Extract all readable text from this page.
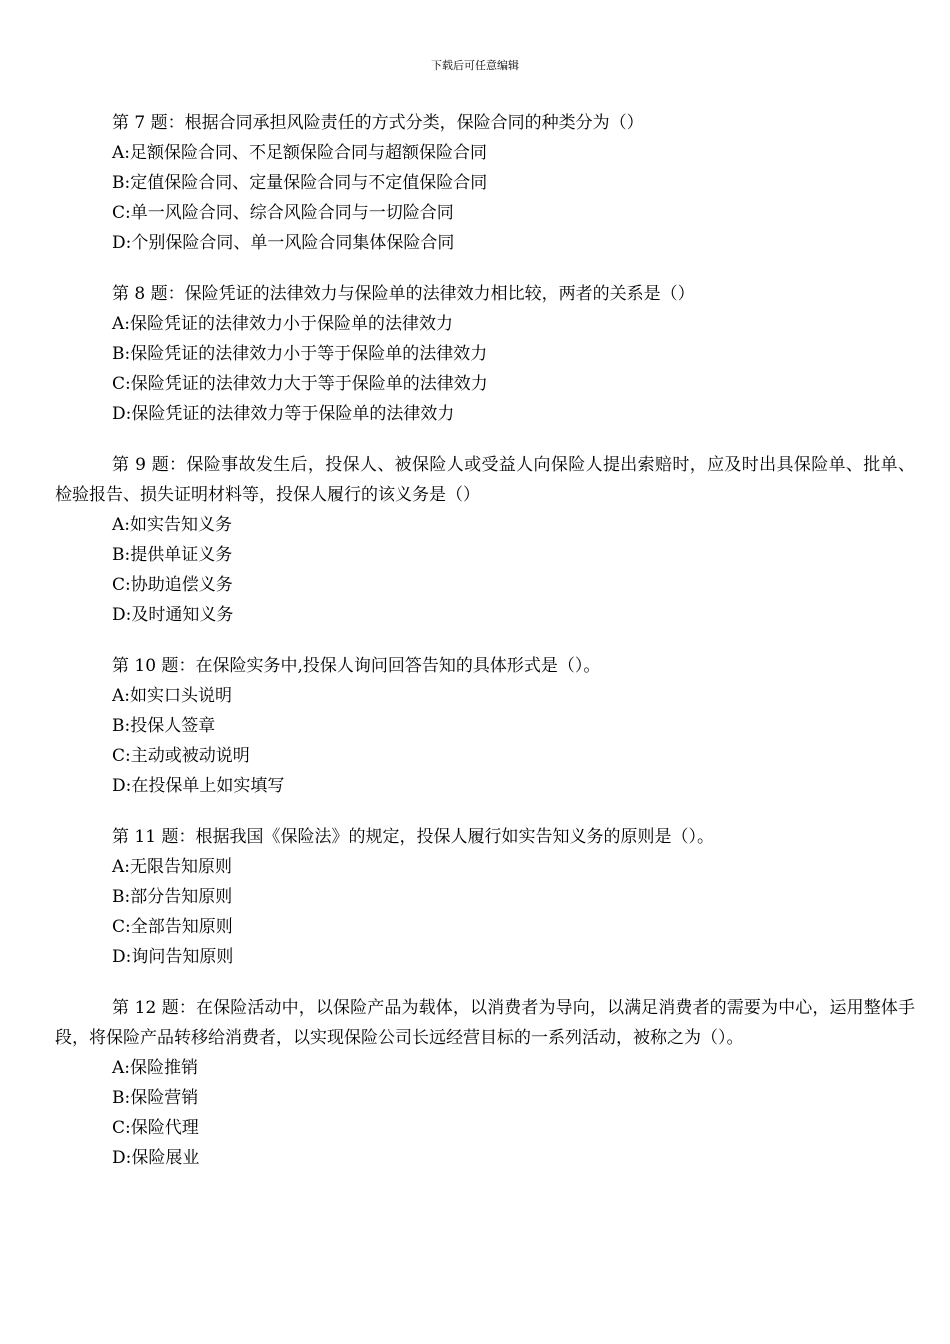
下载后可任意编辑

第 7 题：根据合同承担风险责任的方式分类，保险合同的种类分为（）

A:足额保险合同、不足额保险合同与超额保险合同

B:定值保险合同、定量保险合同与不定值保险合同

C:单一风险合同、综合风险合同与一切险合同

D:个别保险合同、单一风险合同集体保险合同

第 8 题：保险凭证的法律效力与保险单的法律效力相比较，两者的关系是（）

A:保险凭证的法律效力小于保险单的法律效力

B:保险凭证的法律效力小于等于保险单的法律效力

C:保险凭证的法律效力大于等于保险单的法律效力

D:保险凭证的法律效力等于保险单的法律效力

第 9 题：保险事故发生后，投保人、被保险人或受益人向保险人提出索赔时，应及时出具保险单、批单、检验报告、损失证明材料等，投保人履行的该义务是（）

A:如实告知义务

B:提供单证义务

C:协助追偿义务

D:及时通知义务

第 10 题：在保险实务中,投保人询问回答告知的具体形式是（）。

A:如实口头说明

B:投保人签章

C:主动或被动说明

D:在投保单上如实填写

第 11 题：根据我国《保险法》的规定，投保人履行如实告知义务的原则是（）。

A:无限告知原则

B:部分告知原则

C:全部告知原则

D:询问告知原则

第 12 题：在保险活动中，以保险产品为载体，以消费者为导向，以满足消费者的需要为中心，运用整体手段，将保险产品转移给消费者，以实现保险公司长远经营目标的一系列活动，被称之为（）。

A:保险推销

B:保险营销

C:保险代理

D:保险展业
